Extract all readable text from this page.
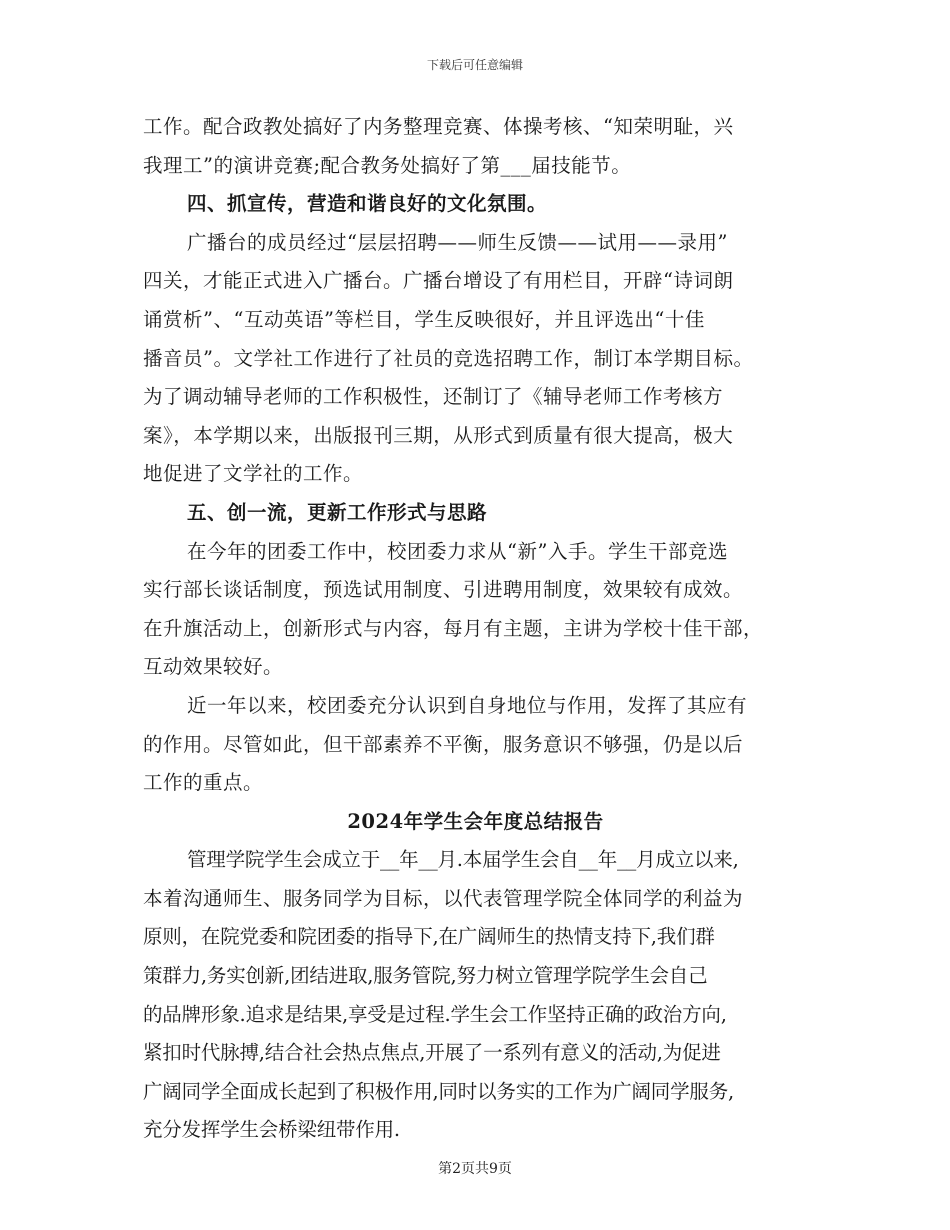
下载后可任意编辑
工作。配合政教处搞好了内务整理竞赛、体操考核、“知荣明耻，兴
我理工”的演讲竞赛;配合教务处搞好了第___届技能节。
四、抓宣传，营造和谐良好的文化氛围。
广播台的成员经过“层层招聘——师生反馈——试用——录用”
四关，才能正式进入广播台。广播台增设了有用栏目，开辟“诗词朗
诵赏析”、“互动英语”等栏目，学生反映很好，并且评选出“十佳
播音员”。文学社工作进行了社员的竞选招聘工作，制订本学期目标。
为了调动辅导老师的工作积极性，还制订了《辅导老师工作考核方
案》，本学期以来，出版报刊三期，从形式到质量有很大提高，极大
地促进了文学社的工作。
五、创一流，更新工作形式与思路
在今年的团委工作中，校团委力求从“新”入手。学生干部竞选
实行部长谈话制度，预选试用制度、引进聘用制度，效果较有成效。
在升旗活动上，创新形式与内容，每月有主题，主讲为学校十佳干部，
互动效果较好。
近一年以来，校团委充分认识到自身地位与作用，发挥了其应有
的作用。尽管如此，但干部素养不平衡，服务意识不够强，仍是以后
工作的重点。
2024年学生会年度总结报告
管理学院学生会成立于__年__月.本届学生会自__年__月成立以来,
本着沟通师生、服务同学为目标，以代表管理学院全体同学的利益为
原则，在院党委和院团委的指导下,在广阔师生的热情支持下,我们群
策群力,务实创新,团结进取,服务管院,努力树立管理学院学生会自己
的品牌形象.追求是结果,享受是过程.学生会工作坚持正确的政治方向,
紧扣时代脉搏,结合社会热点焦点,开展了一系列有意义的活动,为促进
广阔同学全面成长起到了积极作用,同时以务实的工作为广阔同学服务,
充分发挥学生会桥梁纽带作用.
第2页共9页
